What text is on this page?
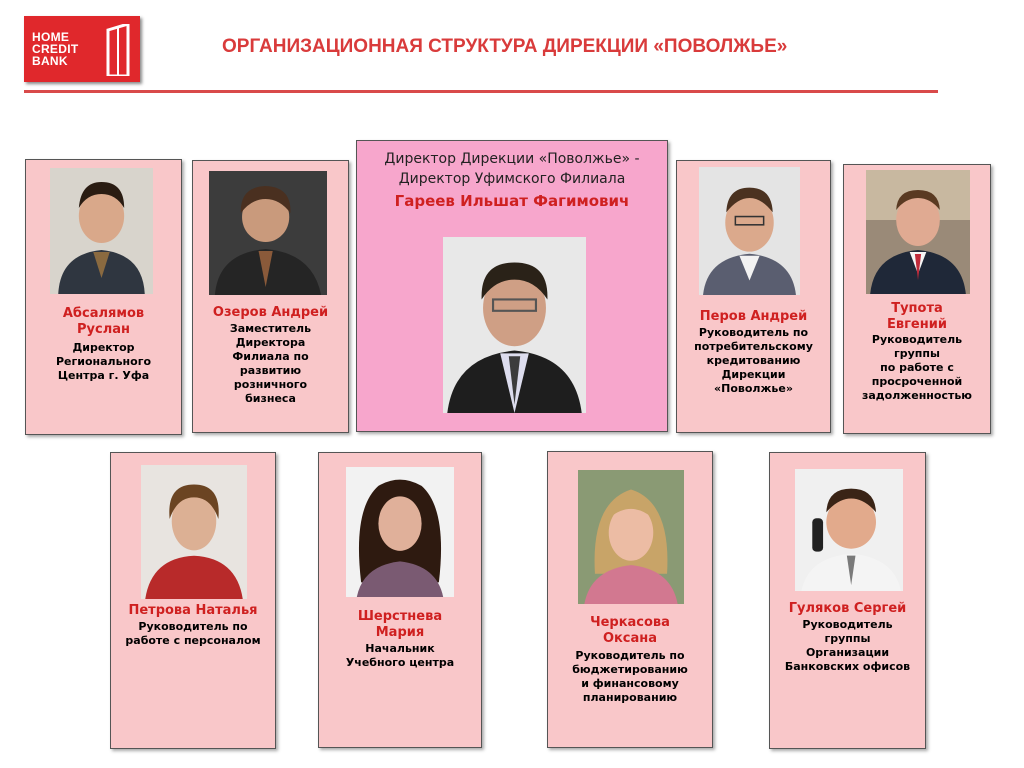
HOME
CREDIT
BANK
ОРГАНИЗАЦИОННАЯ СТРУКТУРА ДИРЕКЦИИ «ПОВОЛЖЬЕ»
Абсалямов
Руслан
Директор
Регионального
Центра г. Уфа
Озеров Андрей
Заместитель
Директора
Филиала по
развитию
розничного
бизнеса
Директор Дирекции «Поволжье» -
Директор Уфимского Филиала
Гареев Ильшат Фагимович
Перов Андрей
Руководитель по
потребительскому
кредитованию
Дирекции
«Поволжье»
Тупота
Евгений
Руководитель
группы
по работе с
просроченной
задолженностью
Петрова Наталья
Руководитель по
работе с персоналом
Шерстнева
Мария
Начальник
Учебного центра
Черкасова
Оксана
Руководитель по
бюджетированию
и финансовому
планированию
Гуляков Сергей
Руководитель
группы
Организации
Банковских офисов
